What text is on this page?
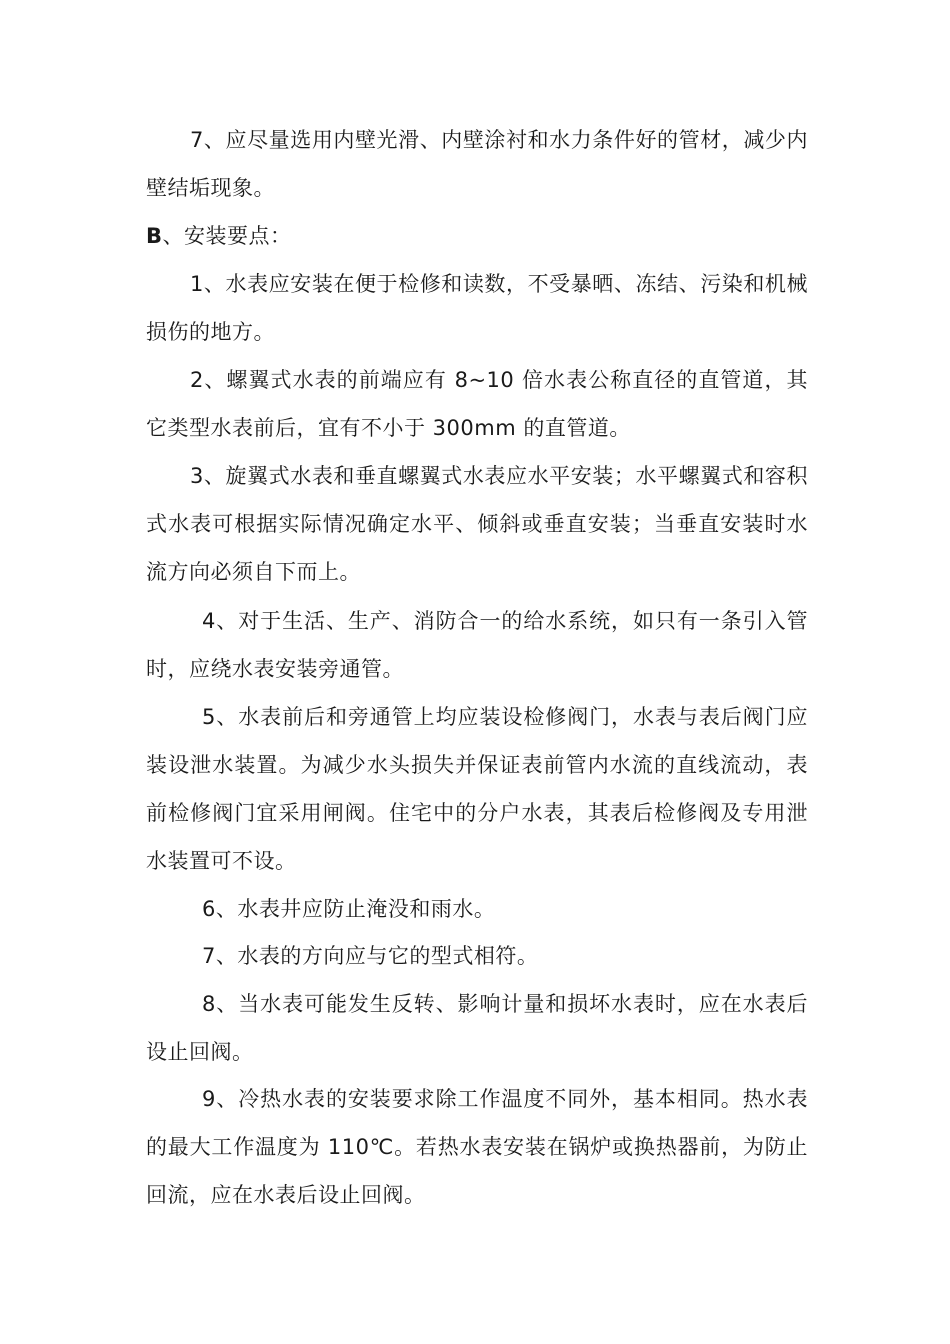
7、应尽量选用内壁光滑、内壁涂衬和水力条件好的管材，减少内壁结垢现象。

B、安装要点：

1、水表应安装在便于检修和读数，不受暴晒、冻结、污染和机械损伤的地方。

2、螺翼式水表的前端应有 8~10 倍水表公称直径的直管道，其它类型水表前后，宜有不小于 300mm 的直管道。

3、旋翼式水表和垂直螺翼式水表应水平安装；水平螺翼式和容积式水表可根据实际情况确定水平、倾斜或垂直安装；当垂直安装时水流方向必须自下而上。

4、对于生活、生产、消防合一的给水系统，如只有一条引入管时，应绕水表安装旁通管。

5、水表前后和旁通管上均应装设检修阀门，水表与表后阀门应装设泄水装置。为减少水头损失并保证表前管内水流的直线流动，表前检修阀门宜采用闸阀。住宅中的分户水表，其表后检修阀及专用泄水装置可不设。

6、水表井应防止淹没和雨水。

7、水表的方向应与它的型式相符。

8、当水表可能发生反转、影响计量和损坏水表时，应在水表后设止回阀。

9、冷热水表的安装要求除工作温度不同外，基本相同。热水表的最大工作温度为 110℃。若热水表安装在锅炉或换热器前，为防止回流，应在水表后设止回阀。
